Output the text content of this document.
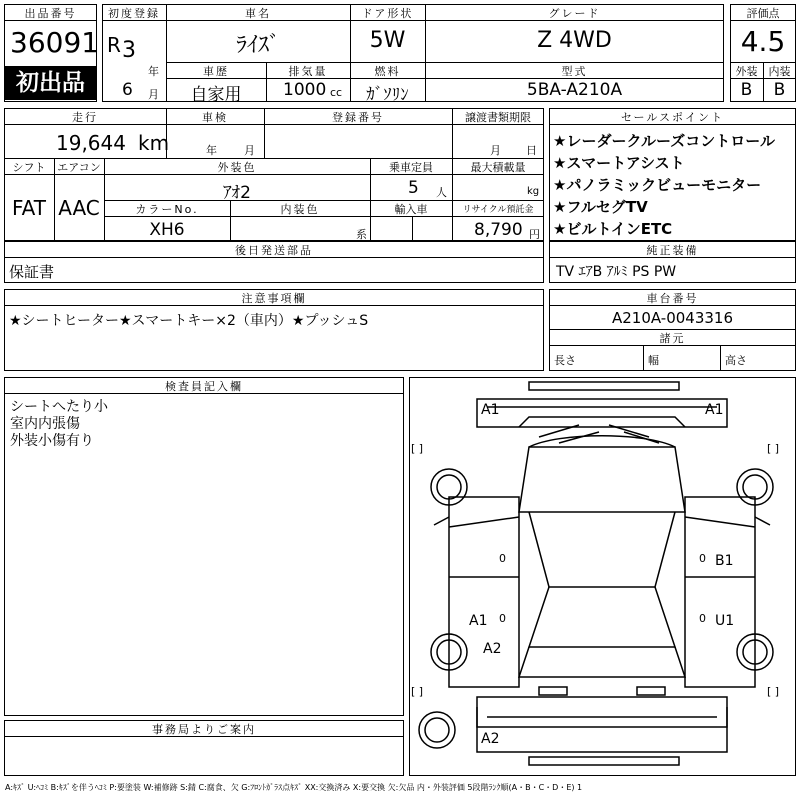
出品番号
36091
初出品
初度登録
R 3
年
6 月
車名
ﾗｲｽﾞ
ドア形状
5W
グレード
Z 4WD
車歴
自家用
排気量
1000 cc
燃料
ｶﾞｿﾘﾝ
型式
5BA-A210A
評価点
4.5
外装	内装
B	B
走行
19,644 km
車検
年 月
登録番号	譲渡書類期限
月 日
シフト
FAT
エアコン
AAC
外装色
ｱｵ2
乗車定員
5 人
最大積載量
kg
カラーNo.
XH6
内装色
系
輸入車	リサイクル預託金
8,790 円
後日発送部品
保証書
セールスポイント
★レーダークルーズコントロール
★スマートアシスト
★パノラミックビューモニター
★フルセグTV
★ビルトインETC
純正装備
TV ｴｱB ｱﾙﾐ PS PW
注意事項欄
★シートヒーター★スマートキー×2（車内）★プッシュS
車台番号
A210A-0043316
諸元
長さ	幅	高さ
検査員記入欄
シートへたり小
室内内張傷
外装小傷有り
事務局よりご案内
A1	A1
B1
A1	U1
A2
A2
[ ]	[ ]
[ ]	[ ]
0	0
0	0
A:ｷｽﾞ U:ﾍｺﾐ B:ｷｽﾞを伴うﾍｺﾐ P:要塗装 W:補修跡 S:錆 C:腐食、欠 G:ﾌﾛﾝﾄｶﾞﾗｽ点ｷｽﾞ XX:交換済み X:要交換 欠:欠品 内・外装評価 5段階ﾗﾝｸ順(A・B・C・D・E) 1
